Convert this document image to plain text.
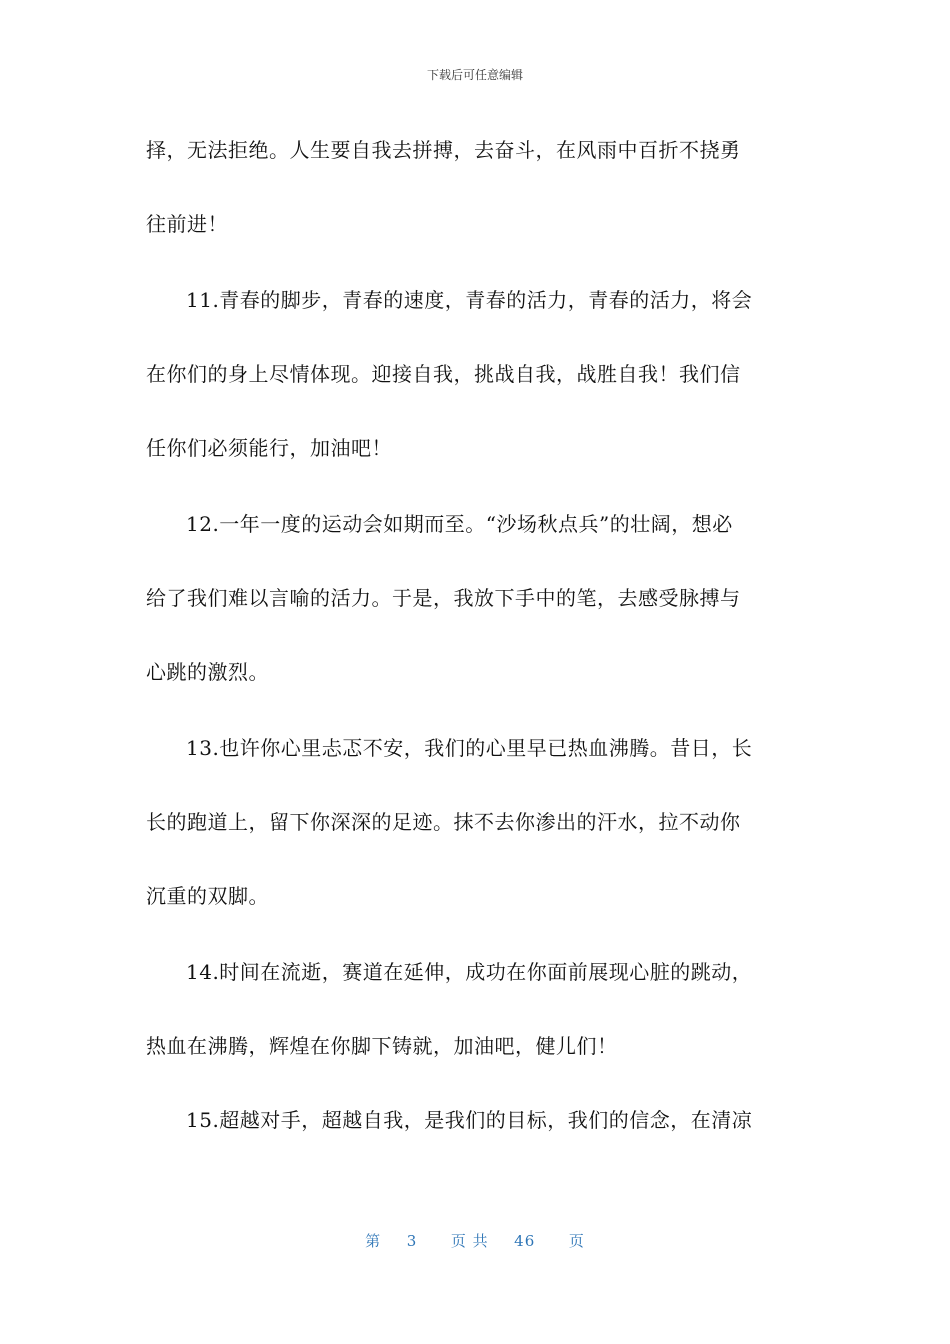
下载后可任意编辑
择，无法拒绝。人生要自我去拼搏，去奋斗，在风雨中百折不挠勇
往前进！
11.青春的脚步，青春的速度，青春的活力，青春的活力，将会
在你们的身上尽情体现。迎接自我，挑战自我，战胜自我！我们信
任你们必须能行，加油吧！
12.一年一度的运动会如期而至。“沙场秋点兵”的壮阔，想必
给了我们难以言喻的活力。于是，我放下手中的笔，去感受脉搏与
心跳的激烈。
13.也许你心里忐忑不安，我们的心里早已热血沸腾。昔日，长
长的跑道上，留下你深深的足迹。抹不去你渗出的汗水，拉不动你
沉重的双脚。
14.时间在流逝，赛道在延伸，成功在你面前展现心脏的跳动，
热血在沸腾，辉煌在你脚下铸就，加油吧，健儿们！
15.超越对手，超越自我，是我们的目标，我们的信念，在清凉
第 3 页 共 46 页
